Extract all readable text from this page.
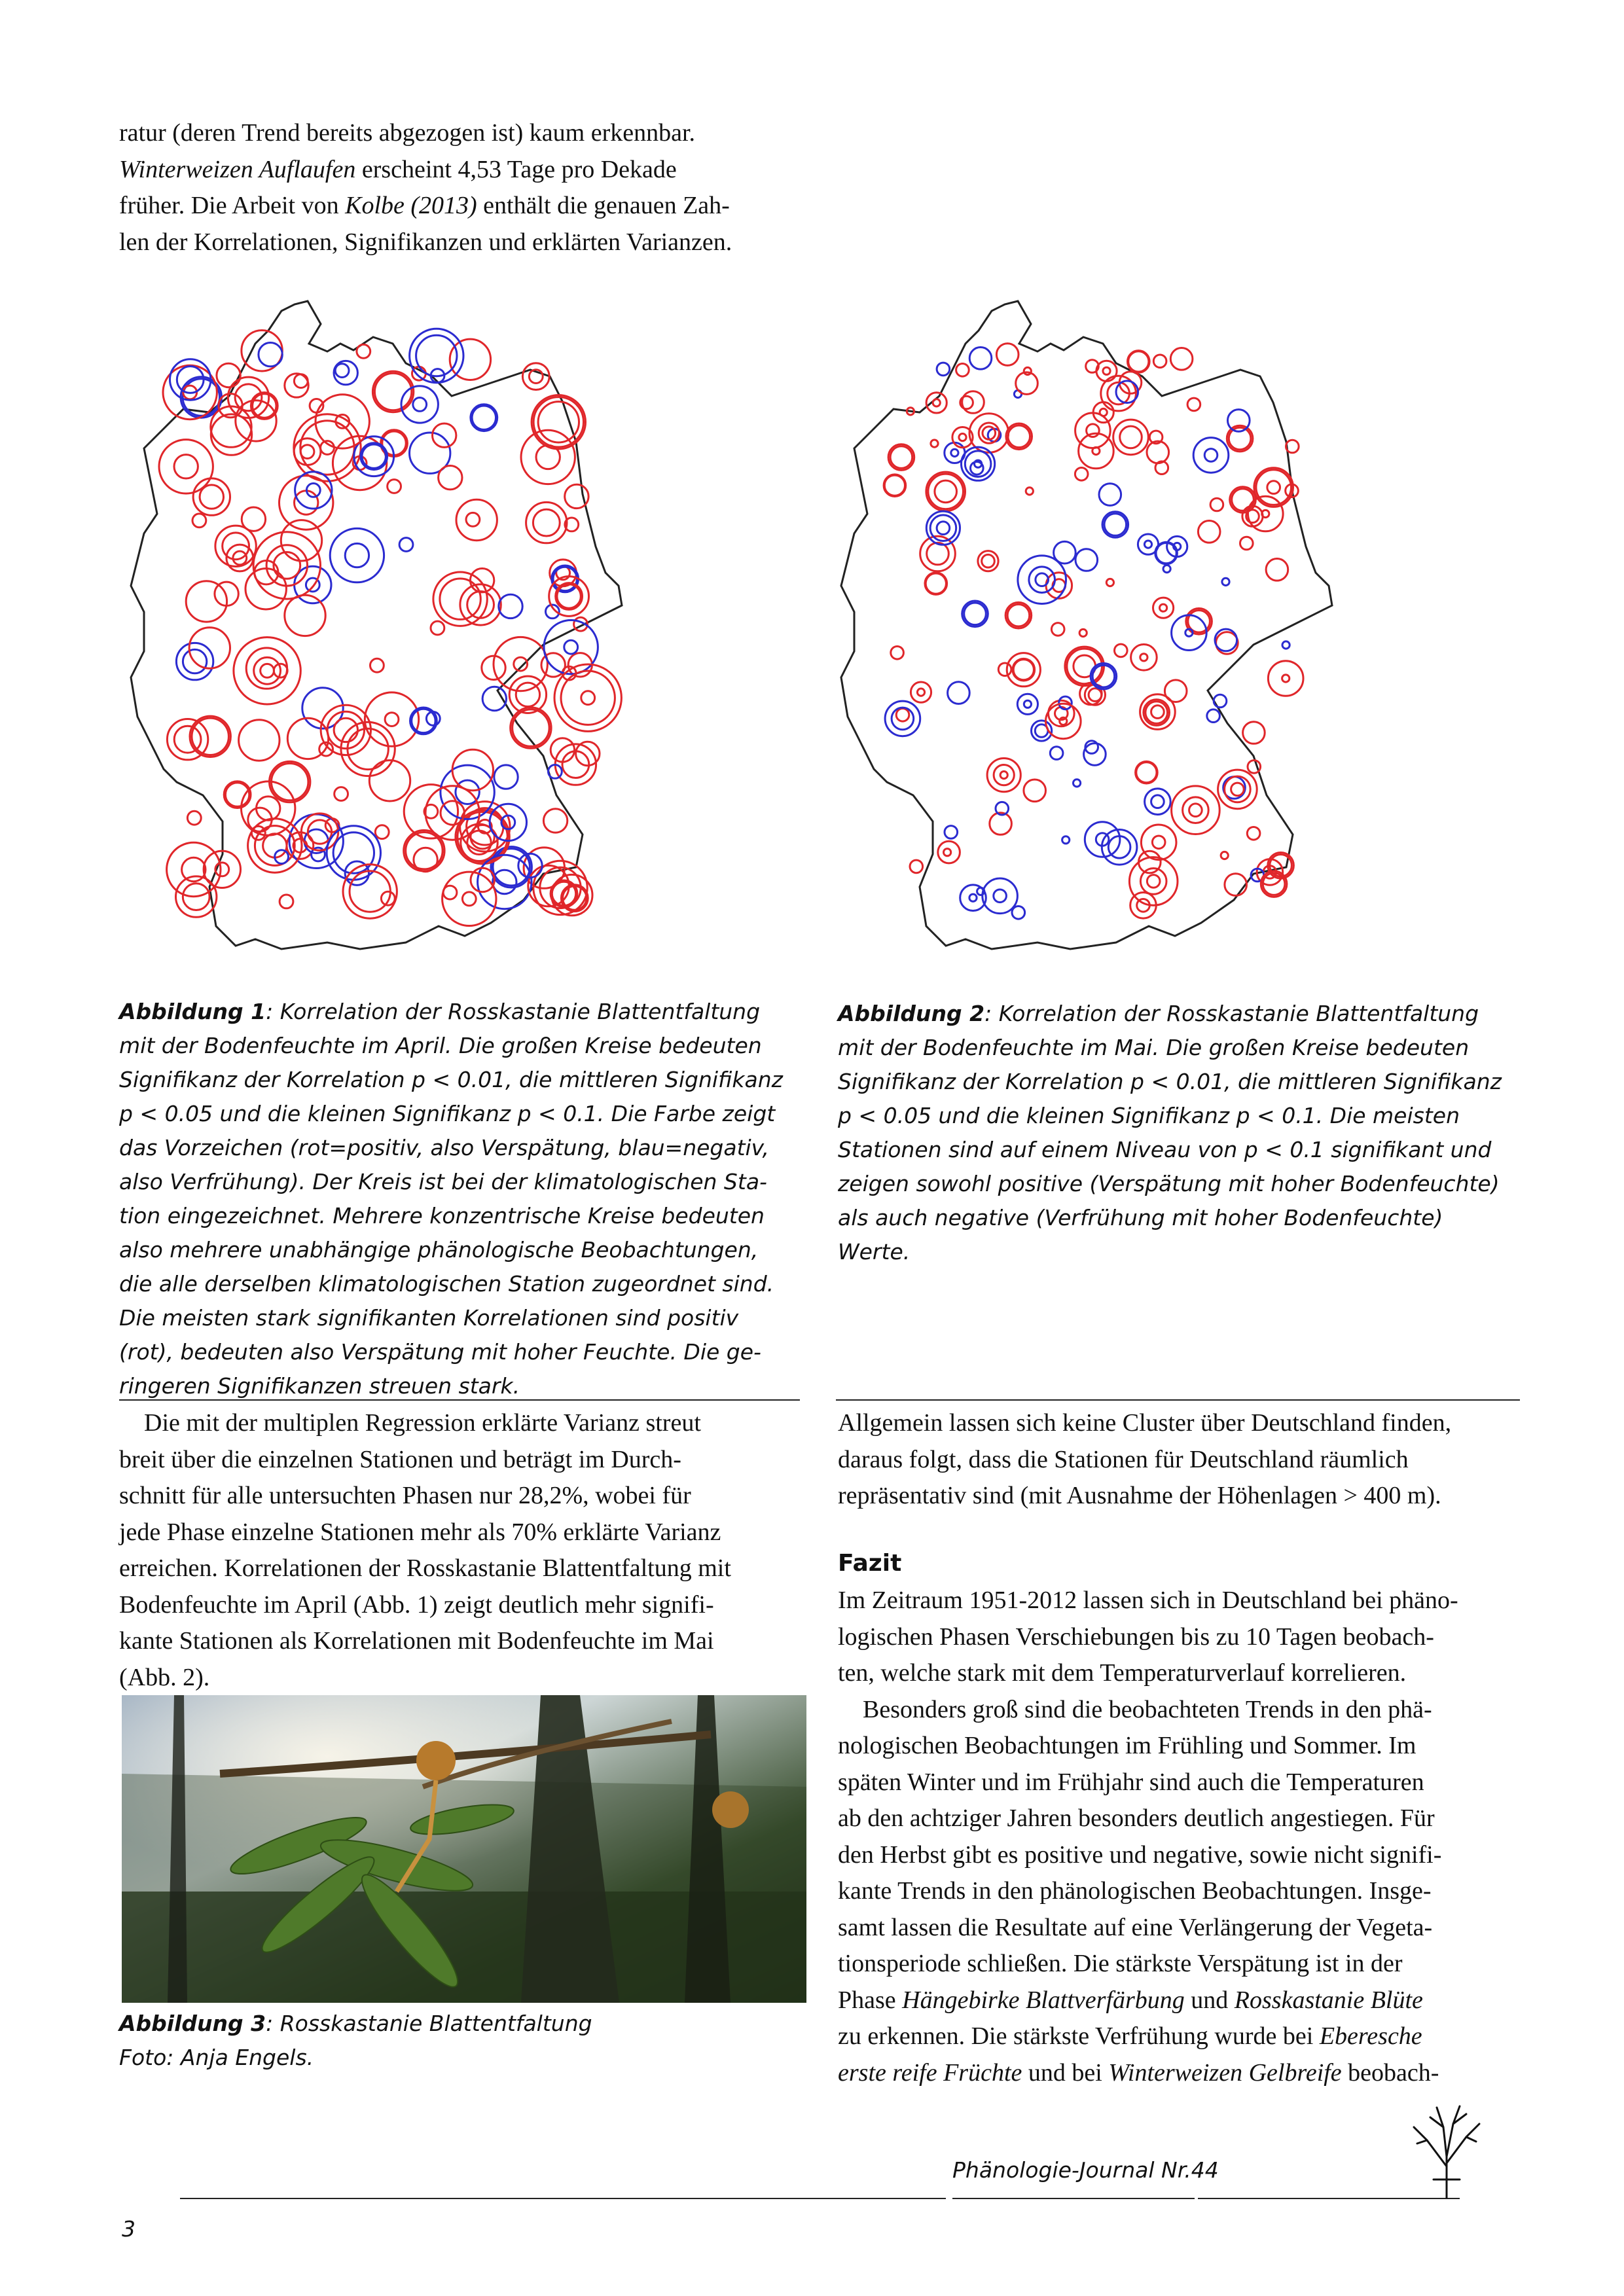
ratur (deren Trend bereits abgezogen ist) kaum erkennbar.

Winterweizen Auflaufen erscheint 4,53 Tage pro Dekade

früher. Die Arbeit von Kolbe (2013) enthält die genauen Zah-

len der Korrelationen, Signifikanzen und erklärten Varianzen.

Abbildung 1: Korrelation der Rosskastanie Blattentfaltung
mit der Bodenfeuchte im April. Die großen Kreise bedeuten
Signifikanz der Korrelation p < 0.01, die mittleren Signifikanz
p < 0.05 und die kleinen Signifikanz p < 0.1. Die Farbe zeigt
das Vorzeichen (rot=positiv, also Verspätung, blau=negativ,
also Verfrühung). Der Kreis ist bei der klimatologischen Sta-
tion eingezeichnet. Mehrere konzentrische Kreise bedeuten
also mehrere unabhängige phänologische Beobachtungen,
die alle derselben klimatologischen Station zugeordnet sind.
Die meisten stark signifikanten Korrelationen sind positiv
(rot), bedeuten also Verspätung mit hoher Feuchte. Die ge-
ringeren Signifikanzen streuen stark.

Abbildung 2: Korrelation der Rosskastanie Blattentfaltung
mit der Bodenfeuchte im Mai. Die großen Kreise bedeuten
Signifikanz der Korrelation p < 0.01, die mittleren Signifikanz
p < 0.05 und die kleinen Signifikanz p < 0.1. Die meisten
Stationen sind auf einem Niveau von p < 0.1 signifikant und
zeigen sowohl positive (Verspätung mit hoher Bodenfeuchte)
als auch negative (Verfrühung mit hoher Bodenfeuchte)
Werte.

Die mit der multiplen Regression erklärte Varianz streut

breit über die einzelnen Stationen und beträgt im Durch-

schnitt für alle untersuchten Phasen nur 28,2%, wobei für

jede Phase einzelne Stationen mehr als 70% erklärte Varianz

erreichen. Korrelationen der Rosskastanie Blattentfaltung mit

Bodenfeuchte im April (Abb. 1) zeigt deutlich mehr signifi-

kante Stationen als Korrelationen mit Bodenfeuchte im Mai

(Abb. 2).

Abbildung 3: Rosskastanie Blattentfaltung

Foto: Anja Engels.

Allgemein lassen sich keine Cluster über Deutschland finden,

daraus folgt, dass die Stationen für Deutschland räumlich

repräsentativ sind (mit Ausnahme der Höhenlagen > 400 m).

Fazit

Im Zeitraum 1951-2012 lassen sich in Deutschland bei phäno-

logischen Phasen Verschiebungen bis zu 10 Tagen beobach-

ten, welche stark mit dem Temperaturverlauf korrelieren.

Besonders groß sind die beobachteten Trends in den phä-

nologischen Beobachtungen im Frühling und Sommer. Im

späten Winter und im Frühjahr sind auch die Temperaturen

ab den achtziger Jahren besonders deutlich angestiegen. Für

den Herbst gibt es positive und negative, sowie nicht signifi-

kante Trends in den phänologischen Beobachtungen. Insge-

samt lassen die Resultate auf eine Verlängerung der Vegeta-

tionsperiode schließen. Die stärkste Verspätung ist in der

Phase Hängebirke Blattverfärbung und Rosskastanie Blüte

zu erkennen. Die stärkste Verfrühung wurde bei Eberesche

erste reife Früchte und bei Winterweizen Gelbreife beobach-

Phänologie-Journal Nr.44
3
